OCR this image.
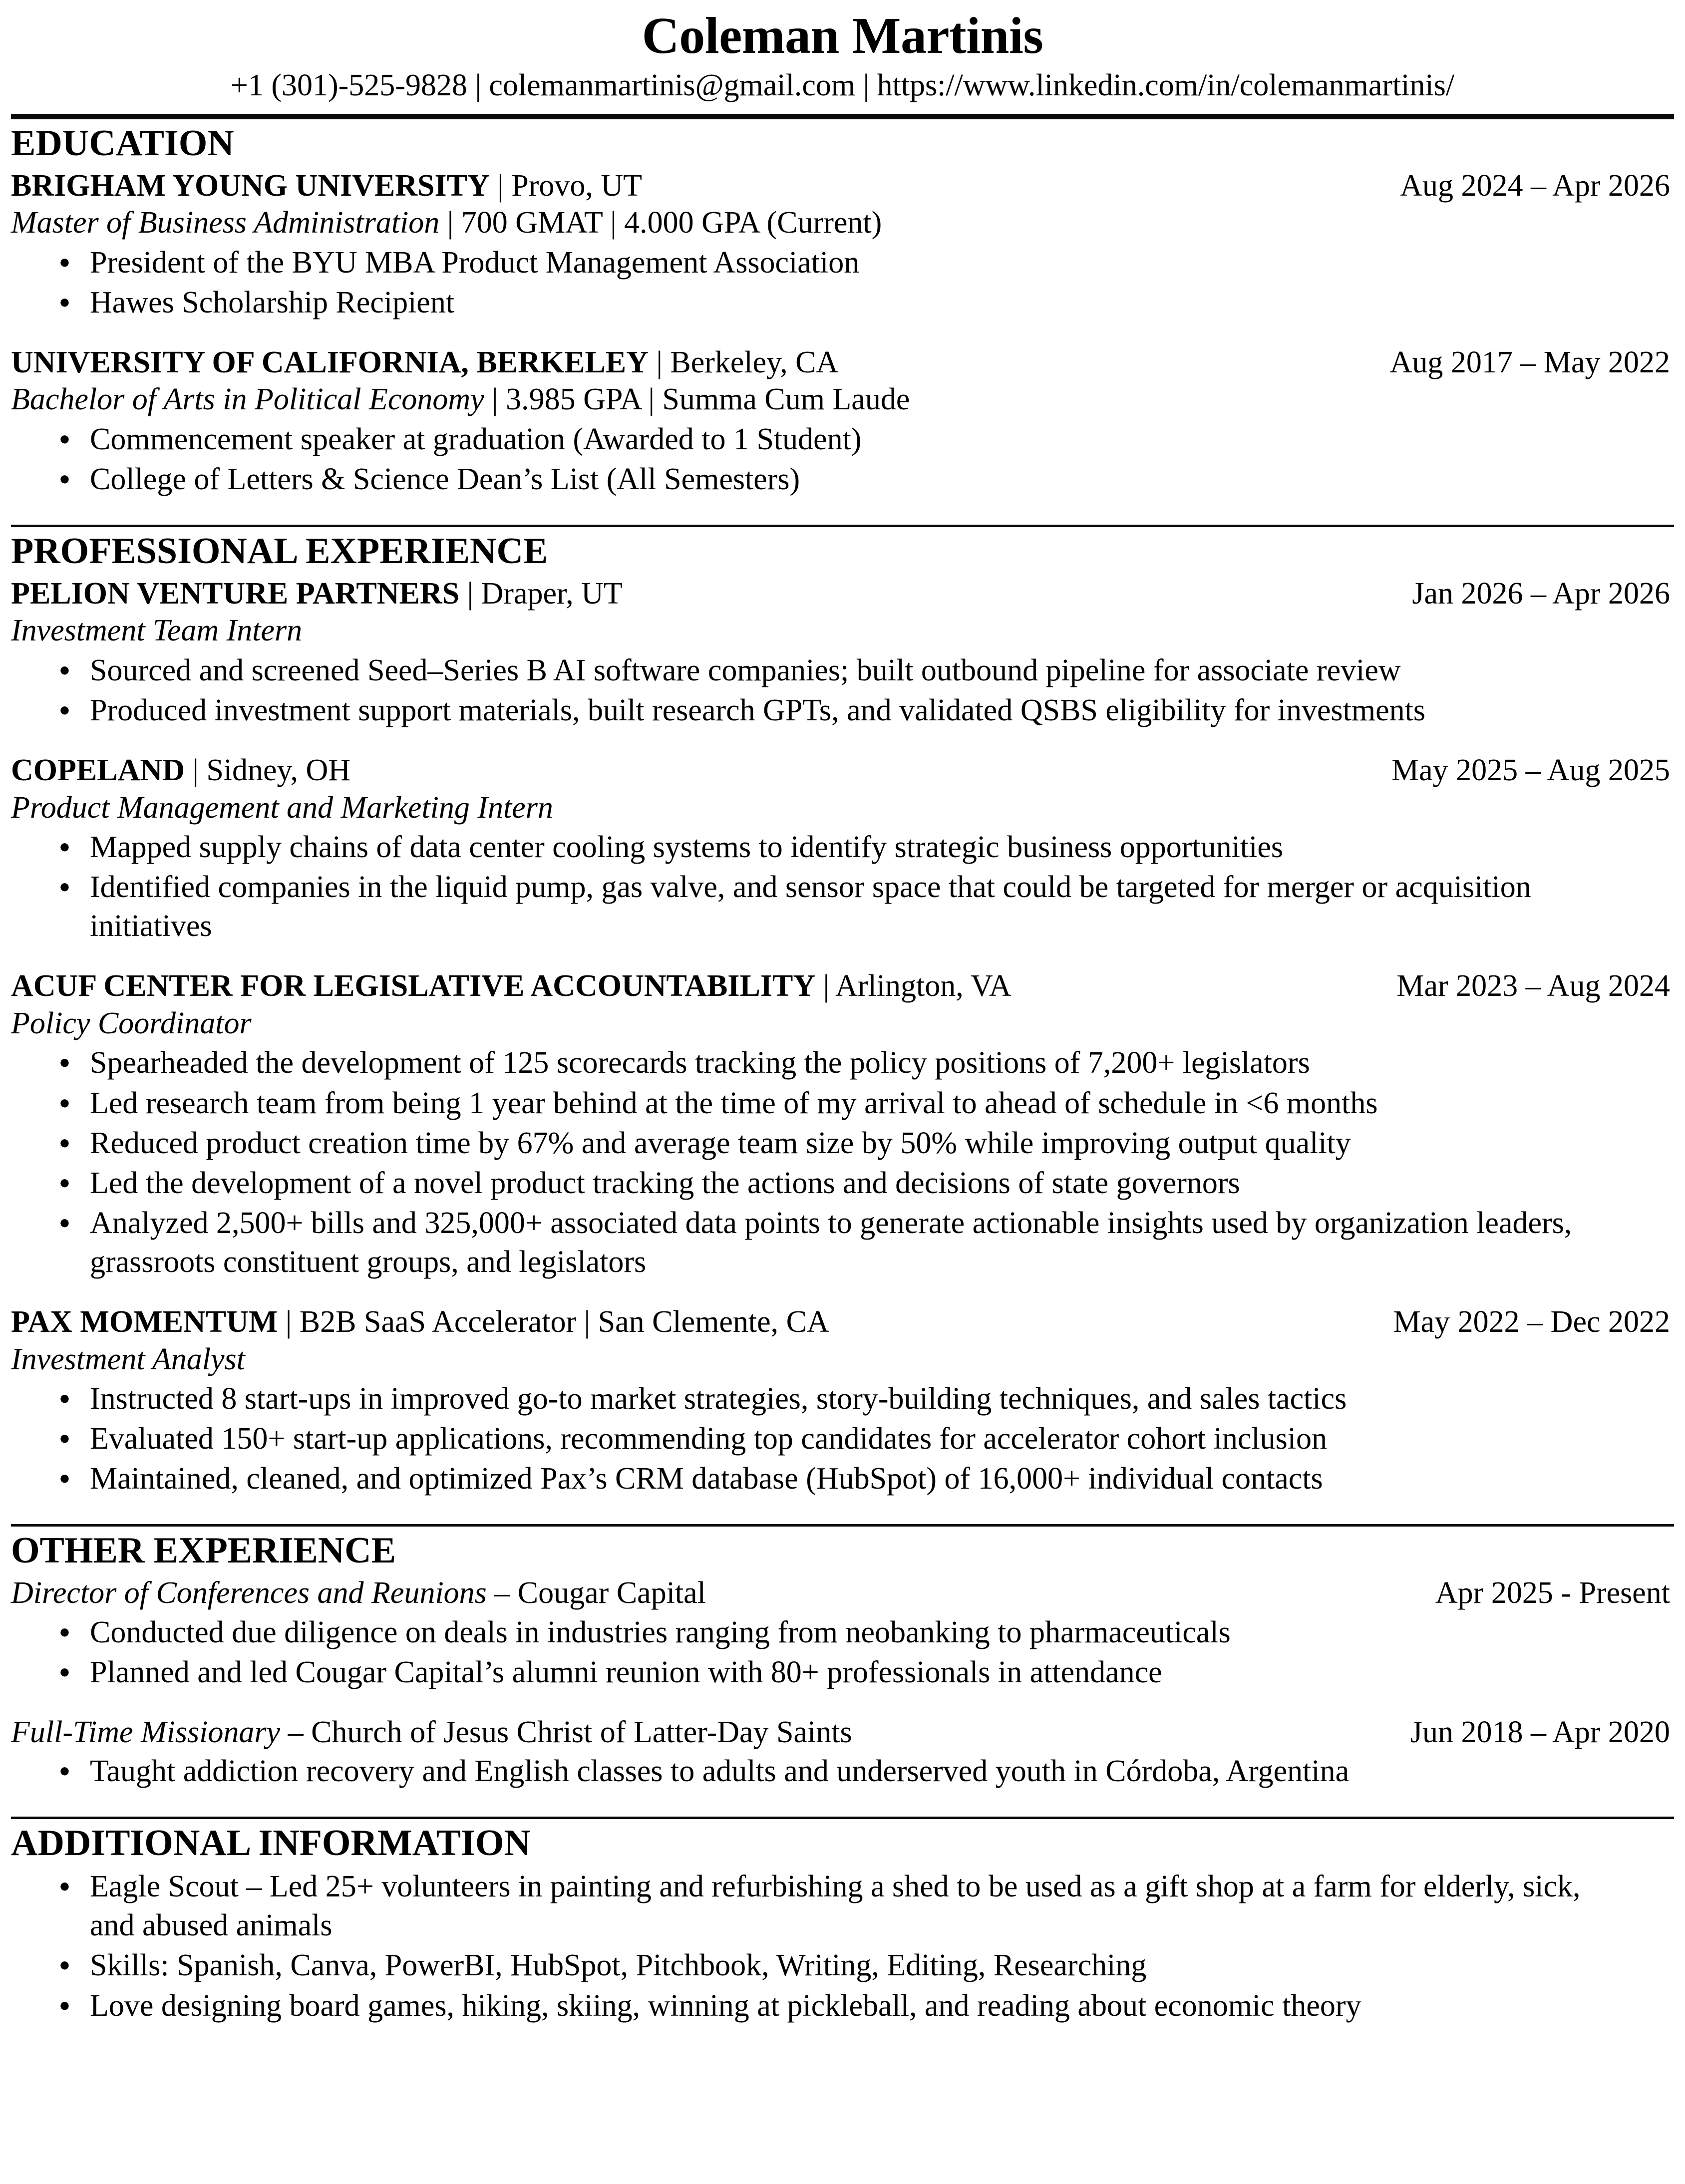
Coleman Martinis
+1 (301)-525-9828 | colemanmartinis@gmail.com | https://www.linkedin.com/in/colemanmartinis/
EDUCATION
BRIGHAM YOUNG UNIVERSITY | Provo, UT	Aug 2024 – Apr 2026
Master of Business Administration | 700 GMAT | 4.000 GPA (Current)
● President of the BYU MBA Product Management Association
● Hawes Scholarship Recipient
UNIVERSITY OF CALIFORNIA, BERKELEY | Berkeley, CA	Aug 2017 – May 2022
Bachelor of Arts in Political Economy | 3.985 GPA | Summa Cum Laude
● Commencement speaker at graduation (Awarded to 1 Student)
● College of Letters & Science Dean’s List (All Semesters)
PROFESSIONAL EXPERIENCE
PELION VENTURE PARTNERS | Draper, UT	Jan 2026 – Apr 2026
Investment Team Intern
● Sourced and screened Seed–Series B AI software companies; built outbound pipeline for associate review
● Produced investment support materials, built research GPTs, and validated QSBS eligibility for investments
COPELAND | Sidney, OH	May 2025 – Aug 2025
Product Management and Marketing Intern
● Mapped supply chains of data center cooling systems to identify strategic business opportunities
● Identified companies in the liquid pump, gas valve, and sensor space that could be targeted for merger or acquisition initiatives
ACUF CENTER FOR LEGISLATIVE ACCOUNTABILITY | Arlington, VA	Mar 2023 – Aug 2024
Policy Coordinator
● Spearheaded the development of 125 scorecards tracking the policy positions of 7,200+ legislators
● Led research team from being 1 year behind at the time of my arrival to ahead of schedule in <6 months
● Reduced product creation time by 67% and average team size by 50% while improving output quality
● Led the development of a novel product tracking the actions and decisions of state governors
● Analyzed 2,500+ bills and 325,000+ associated data points to generate actionable insights used by organization leaders, grassroots constituent groups, and legislators
PAX MOMENTUM | B2B SaaS Accelerator | San Clemente, CA	May 2022 – Dec 2022
Investment Analyst
● Instructed 8 start-ups in improved go-to market strategies, story-building techniques, and sales tactics
● Evaluated 150+ start-up applications, recommending top candidates for accelerator cohort inclusion
● Maintained, cleaned, and optimized Pax’s CRM database (HubSpot) of 16,000+ individual contacts
OTHER EXPERIENCE
Director of Conferences and Reunions – Cougar Capital	Apr 2025 - Present
● Conducted due diligence on deals in industries ranging from neobanking to pharmaceuticals
● Planned and led Cougar Capital’s alumni reunion with 80+ professionals in attendance
Full-Time Missionary – Church of Jesus Christ of Latter-Day Saints	Jun 2018 – Apr 2020
● Taught addiction recovery and English classes to adults and underserved youth in Córdoba, Argentina
ADDITIONAL INFORMATION
● Eagle Scout – Led 25+ volunteers in painting and refurbishing a shed to be used as a gift shop at a farm for elderly, sick, and abused animals
● Skills: Spanish, Canva, PowerBI, HubSpot, Pitchbook, Writing, Editing, Researching
● Love designing board games, hiking, skiing, winning at pickleball, and reading about economic theory
